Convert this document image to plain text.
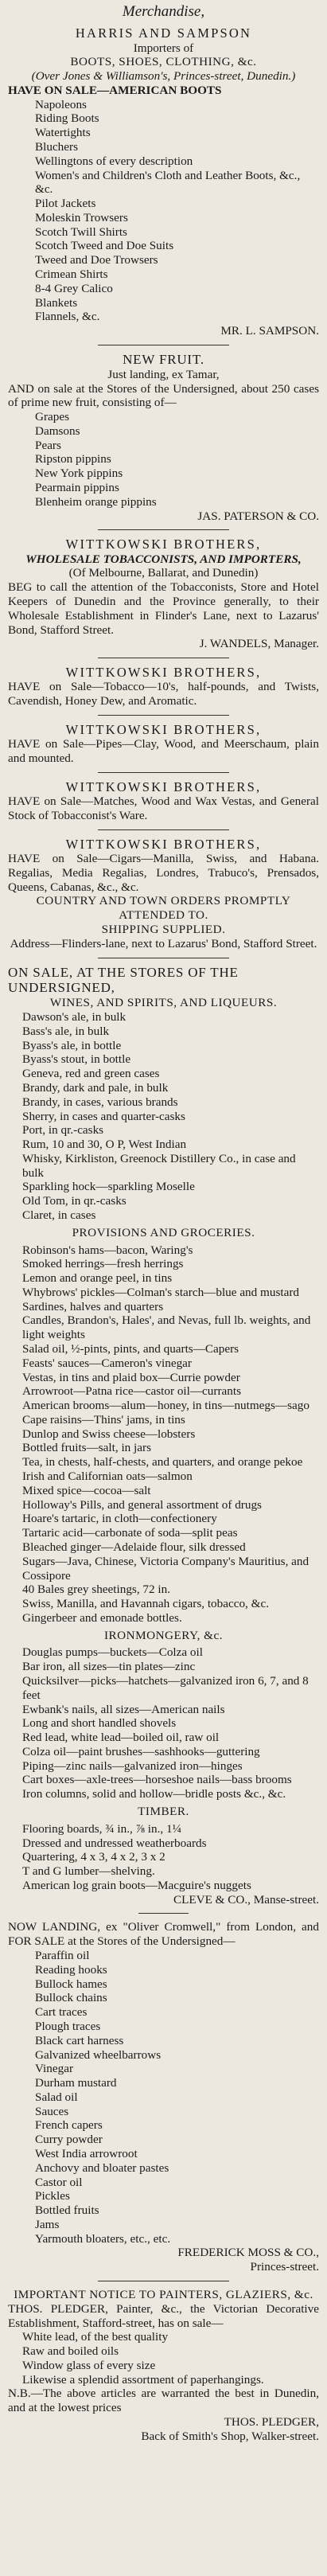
Merchandise,
HARRIS AND SAMPSON
Importers of
BOOTS, SHOES, CLOTHING, &c.
(Over Jones & Williamson's, Princes-street, Dunedin.)
HAVE ON SALE—AMERICAN BOOTS
Napoleons
Riding Boots
Watertights
Bluchers
Wellingtons of every description
Women's and Children's Cloth and Leather Boots, &c., &c.
Pilot Jackets
Moleskin Trowsers
Scotch Twill Shirts
Scotch Tweed and Doe Suits
Tweed and Doe Trowsers
Crimean Shirts
8-4 Grey Calico
Blankets
Flannels, &c.
MR. L. SAMPSON.
NEW FRUIT.
Just landing, ex Tamar,
AND on sale at the Stores of the Undersigned, about 250 cases of prime new fruit, consisting of—
Grapes
Damsons
Pears
Ripston pippins
New York pippins
Pearmain pippins
Blenheim orange pippins
JAS. PATERSON & CO.
WITTKOWSKI BROTHERS,
WHOLESALE TOBACCONISTS, AND IMPORTERS,
(Of Melbourne, Ballarat, and Dunedin)
BEG to call the attention of the Tobacconists, Store and Hotel Keepers of Dunedin and the Province generally, to their Wholesale Establishment in Flinder's Lane, next to Lazarus' Bond, Stafford Street.
J. WANDELS, Manager.
WITTKOWSKI BROTHERS,
HAVE on Sale—Tobacco—10's, half-pounds, and Twists, Cavendish, Honey Dew, and Aromatic.
WITTKOWSKI BROTHERS,
HAVE on Sale—Pipes—Clay, Wood, and Meerschaum, plain and mounted.
WITTKOWSKI BROTHERS,
HAVE on Sale—Matches, Wood and Wax Vestas, and General Stock of Tobacconist's Ware.
WITTKOWSKI BROTHERS,
HAVE on Sale—Cigars—Manilla, Swiss, and Habana. Regalias, Media Regalias, Londres, Trabuco's, Prensados, Queens, Cabanas, &c., &c.
COUNTRY AND TOWN ORDERS PROMPTLY ATTENDED TO.
SHIPPING SUPPLIED.
Address—Flinders-lane, next to Lazarus' Bond, Stafford Street.
ON SALE, AT THE STORES OF THE UNDERSIGNED,
WINES, AND SPIRITS, AND LIQUEURS.
Dawson's ale, in bulk
Bass's ale, in bulk
Byass's ale, in bottle
Byass's stout, in bottle
Geneva, red and green cases
Brandy, dark and pale, in bulk
Brandy, in cases, various brands
Sherry, in cases and quarter-casks
Port, in qr.-casks
Rum, 10 and 30, O P, West Indian
Whisky, Kirkliston, Greenock Distillery Co., in case and bulk
Sparkling hock—sparkling Moselle
Old Tom, in qr.-casks
Claret, in cases
PROVISIONS AND GROCERIES.
Robinson's hams—bacon, Waring's
Smoked herrings—fresh herrings
Lemon and orange peel, in tins
Whybrows' pickles—Colman's starch—blue and mustard
Sardines, halves and quarters
Candles, Brandon's, Hales', and Nevas, full lb. weights, and light weights
Salad oil, ½-pints, pints, and quarts—Capers
Feasts' sauces—Cameron's vinegar
Vestas, in tins and plaid box—Currie powder
Arrowroot—Patna rice—castor oil—currants
American brooms—alum—honey, in tins—nutmegs—sago
Cape raisins—Thins' jams, in tins
Dunlop and Swiss cheese—lobsters
Bottled fruits—salt, in jars
Tea, in chests, half-chests, and quarters, and orange pekoe
Irish and Californian oats—salmon
Mixed spice—cocoa—salt
Holloway's Pills, and general assortment of drugs
Hoare's tartaric, in cloth—confectionery
Tartaric acid—carbonate of soda—split peas
Bleached ginger—Adelaide flour, silk dressed
Sugars—Java, Chinese, Victoria Company's Mauritius, and Cossipore
40 Bales grey sheetings, 72 in.
Swiss, Manilla, and Havannah cigars, tobacco, &c.
Gingerbeer and emonade bottles.
IRONMONGERY, &c.
Douglas pumps—buckets—Colza oil
Bar iron, all sizes—tin plates—zinc
Quicksilver—picks—hatchets—galvanized iron 6, 7, and 8 feet
Ewbank's nails, all sizes—American nails
Long and short handled shovels
Red lead, white lead—boiled oil, raw oil
Colza oil—paint brushes—sashhooks—guttering
Piping—zinc nails—galvanized iron—hinges
Cart boxes—axle-trees—horseshoe nails—bass brooms
Iron columns, solid and hollow—bridle posts &c., &c.
TIMBER.
Flooring boards, ¾ in., ⅞ in., 1¼
Dressed and undressed weatherboards
Quartering, 4 x 3, 4 x 2, 3 x 2
T and G lumber—shelving.
American log grain boots—Macguire's nuggets
CLEVE & CO., Manse-street.
NOW LANDING, ex "Oliver Cromwell," from London, and FOR SALE at the Stores of the Undersigned—
Paraffin oil
Reading hooks
Bullock hames
Bullock chains
Cart traces
Plough traces
Black cart harness
Galvanized wheelbarrows
Vinegar
Durham mustard
Salad oil
Sauces
French capers
Curry powder
West India arrowroot
Anchovy and bloater pastes
Castor oil
Pickles
Bottled fruits
Jams
Yarmouth bloaters, etc., etc.
FREDERICK MOSS & CO.,
Princes-street.
IMPORTANT NOTICE TO PAINTERS, GLAZIERS, &c.
THOS. PLEDGER, Painter, &c., the Victorian Decorative Establishment, Stafford-street, has on sale—
White lead, of the best quality
Raw and boiled oils
Window glass of every size
Likewise a splendid assortment of paperhangings.
N.B.—The above articles are warranted the best in Dunedin, and at the lowest prices
THOS. PLEDGER,
Back of Smith's Shop, Walker-street.
